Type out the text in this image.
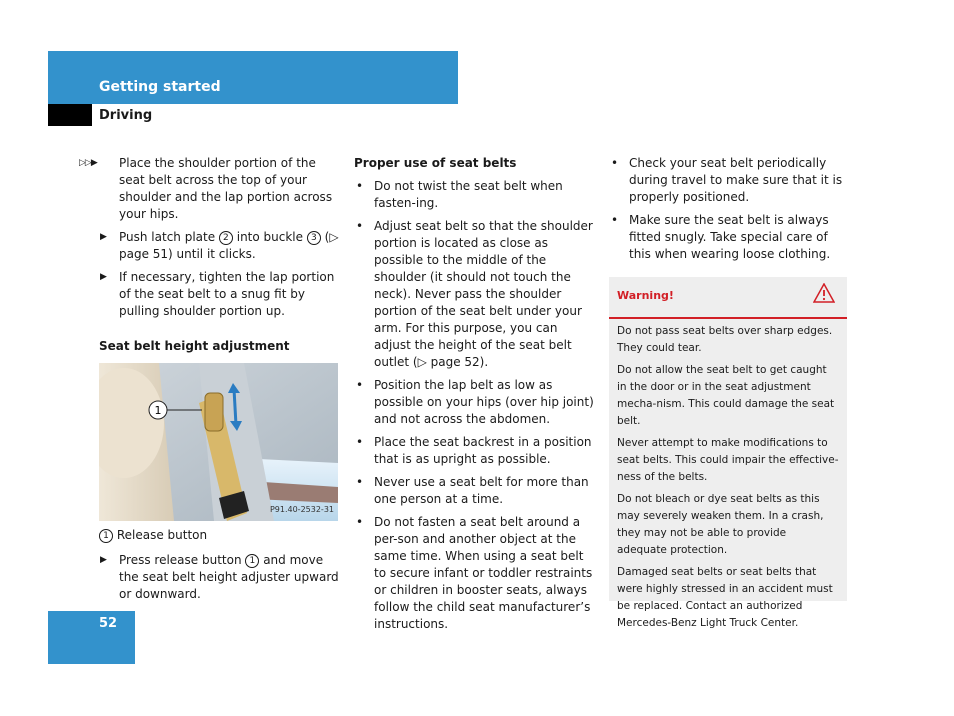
Getting started
Driving
▷▷▶ Place the shoulder portion of the seat belt across the top of your shoulder and the lap portion across your hips.
▶ Push latch plate 2 into buckle 3 (▷ page 51) until it clicks.
▶ If necessary, tighten the lap portion of the seat belt to a snug fit by pulling shoulder portion up.
Seat belt height adjustment
1
P91.40-2532-31
1 Release button
▶ Press release button 1 and move the seat belt height adjuster upward or downward.
Proper use of seat belts
• Do not twist the seat belt when fasten-ing.
• Adjust seat belt so that the shoulder portion is located as close as possible to the middle of the shoulder (it should not touch the neck). Never pass the shoulder portion of the seat belt under your arm. For this purpose, you can adjust the height of the seat belt outlet (▷ page 52).
• Position the lap belt as low as possible on your hips (over hip joint) and not across the abdomen.
• Place the seat backrest in a position that is as upright as possible.
• Never use a seat belt for more than one person at a time.
• Do not fasten a seat belt around a per-son and another object at the same time. When using a seat belt to secure infant or toddler restraints or children in booster seats, always follow the child seat manufacturer’s instructions.
• Check your seat belt periodically during travel to make sure that it is properly positioned.
• Make sure the seat belt is always fitted snugly. Take special care of this when wearing loose clothing.
Warning!

Do not pass seat belts over sharp edges. They could tear.

Do not allow the seat belt to get caught in the door or in the seat adjustment mecha-nism. This could damage the seat belt.

Never attempt to make modifications to seat belts. This could impair the effective-ness of the belts.

Do not bleach or dye seat belts as this may severely weaken them. In a crash, they may not be able to provide adequate protection.

Damaged seat belts or seat belts that were highly stressed in an accident must be replaced. Contact an authorized Mercedes-Benz Light Truck Center.

52
